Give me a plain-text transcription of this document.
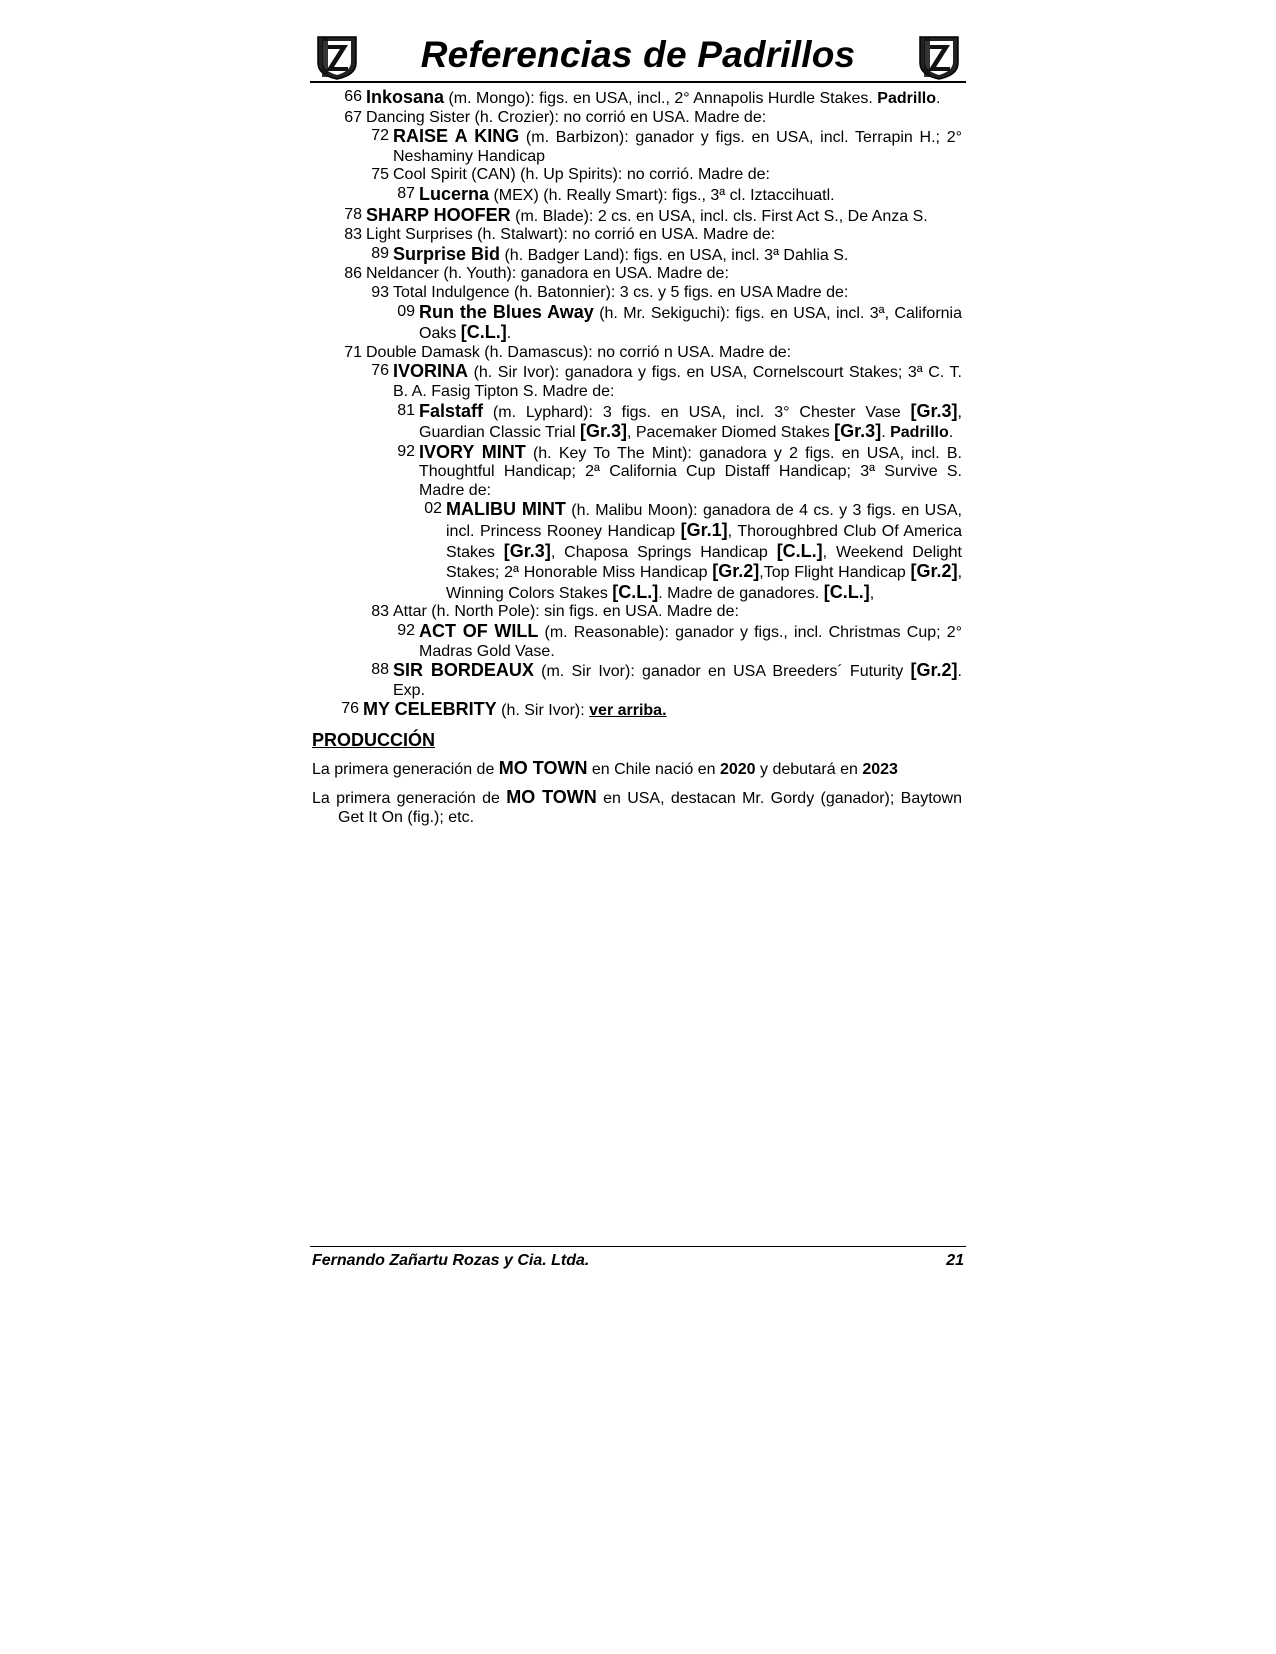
Referencias de Padrillos
66 Inkosana (m. Mongo): figs. en USA, incl., 2° Annapolis Hurdle Stakes. Padrillo.
67 Dancing Sister (h. Crozier): no corrió en USA. Madre de:
72 RAISE A KING (m. Barbizon): ganador y figs. en USA, incl. Terrapin H.; 2° Neshaminy Handicap
75 Cool Spirit (CAN) (h. Up Spirits): no corrió. Madre de:
87 Lucerna (MEX) (h. Really Smart): figs., 3ª cl. Iztaccihuatl.
78 SHARP HOOFER (m. Blade): 2 cs. en USA, incl. cls. First Act S., De Anza S.
83 Light Surprises (h. Stalwart): no corrió en USA. Madre de:
89 Surprise Bid (h. Badger Land): figs. en USA, incl. 3ª Dahlia S.
86 Neldancer (h. Youth): ganadora en USA. Madre de:
93 Total Indulgence (h. Batonnier): 3 cs. y 5 figs. en USA Madre de:
09 Run the Blues Away (h. Mr. Sekiguchi): figs. en USA, incl. 3ª, California Oaks [C.L.].
71 Double Damask (h. Damascus): no corrió n USA. Madre de:
76 IVORINA (h. Sir Ivor): ganadora y figs. en USA, Cornelscourt Stakes; 3ª C. T. B. A. Fasig Tipton S. Madre de:
81 Falstaff (m. Lyphard): 3 figs. en USA, incl. 3° Chester Vase [Gr.3], Guardian Classic Trial [Gr.3], Pacemaker Diomed Stakes [Gr.3]. Padrillo.
92 IVORY MINT (h. Key To The Mint): ganadora y 2 figs. en USA, incl. B. Thoughtful Handicap; 2ª California Cup Distaff Handicap; 3ª Survive S. Madre de:
02 MALIBU MINT (h. Malibu Moon): ganadora de 4 cs. y 3 figs. en USA, incl. Princess Rooney Handicap [Gr.1], Thoroughbred Club Of America Stakes [Gr.3], Chaposa Springs Handicap [C.L.], Weekend Delight Stakes; 2ª Honorable Miss Handicap [Gr.2],Top Flight Handicap [Gr.2], Winning Colors Stakes [C.L.]. Madre de ganadores. [C.L.],
83 Attar (h. North Pole): sin figs. en USA. Madre de:
92 ACT OF WILL (m. Reasonable): ganador y figs., incl. Christmas Cup; 2° Madras Gold Vase.
88 SIR BORDEAUX (m. Sir Ivor): ganador en USA Breeders´ Futurity [Gr.2]. Exp.
76 MY CELEBRITY (h. Sir Ivor): ver arriba.
PRODUCCIÓN
La primera generación de MO TOWN en Chile nació en 2020 y debutará en 2023
La primera generación de MO TOWN en USA, destacan Mr. Gordy (ganador); Baytown Get It On (fig.); etc.
Fernando Zañartu Rozas y Cia. Ltda.	21
